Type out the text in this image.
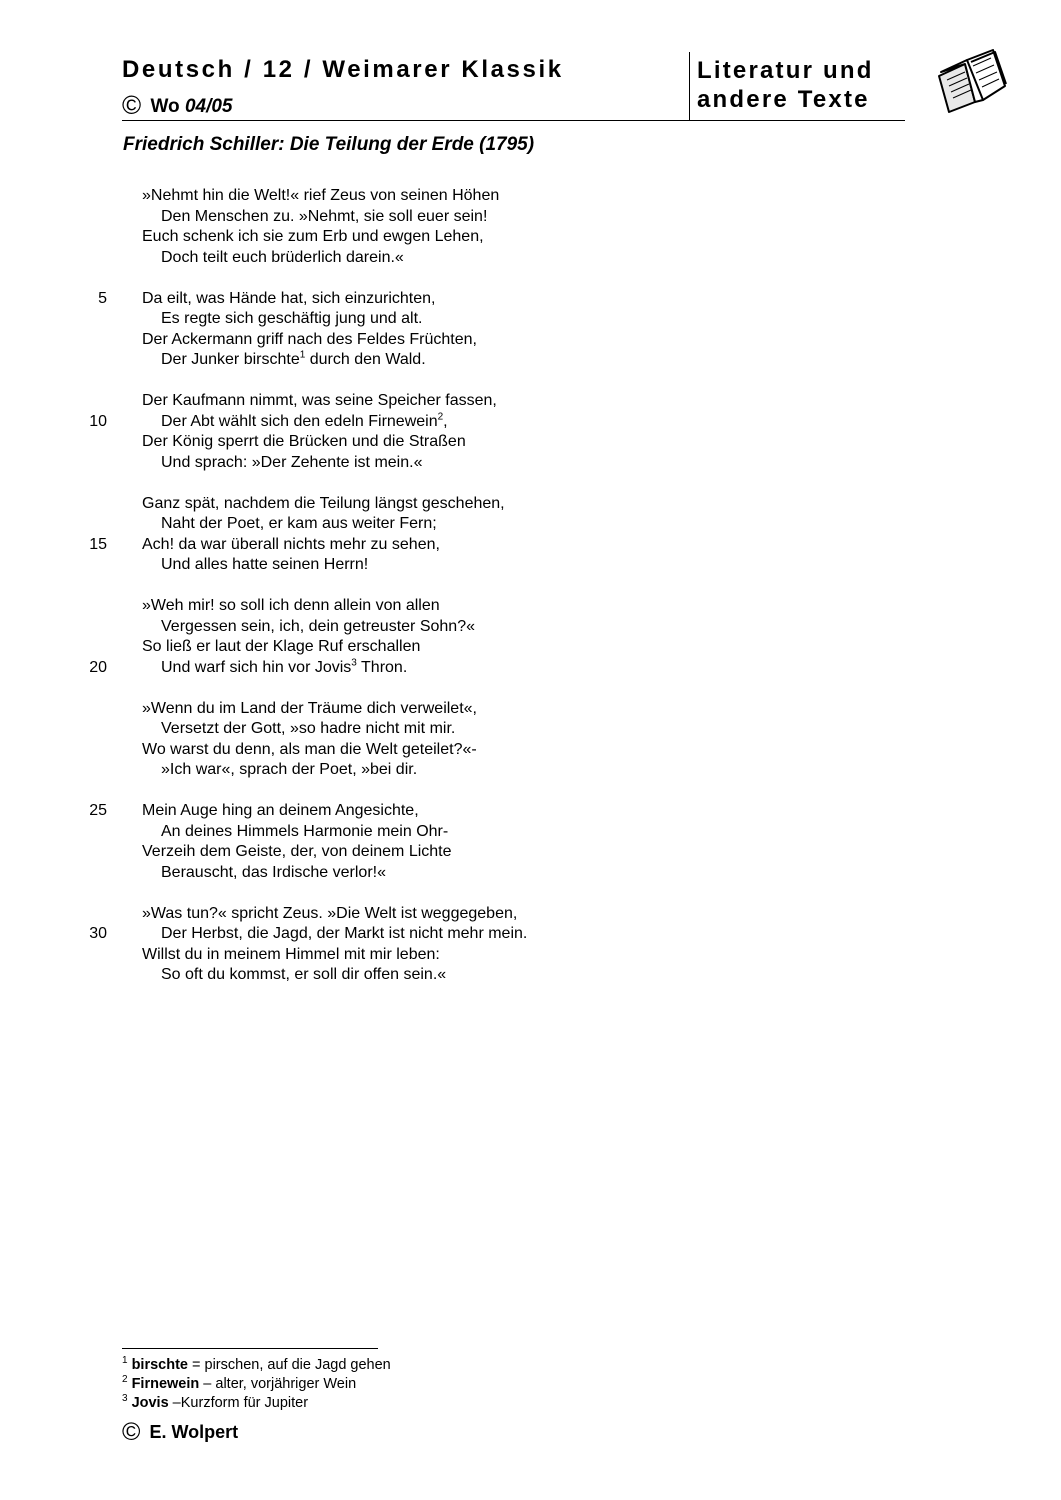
Deutsch / 12 / Weimarer Klassik
© Wo 04/05
Literatur und
andere Texte
Friedrich Schiller: Die Teilung der Erde (1795)
»Nehmt hin die Welt!« rief Zeus von seinen Höhen
Den Menschen zu. »Nehmt, sie soll euer sein!
Euch schenk ich sie zum Erb und ewgen Lehen,
Doch teilt euch brüderlich darein.«
5 Da eilt, was Hände hat, sich einzurichten,
Es regte sich geschäftig jung und alt.
Der Ackermann griff nach des Feldes Früchten,
Der Junker birschte$^1$ durch den Wald.
Der Kaufmann nimmt, was seine Speicher fassen,
10	Der Abt wählt sich den edeln Firnewein$^2$,
Der König sperrt die Brücken und die Straßen
Und sprach: »Der Zehente ist mein.«
Ganz spät, nachdem die Teilung längst geschehen,
Naht der Poet, er kam aus weiter Fern;
15 Ach! da war überall nichts mehr zu sehen,
Und alles hatte seinen Herrn!
»Weh mir! so soll ich denn allein von allen
Vergessen sein, ich, dein getreuster Sohn?«
So ließ er laut der Klage Ruf erschallen
20	Und warf sich hin vor Jovis$^3$ Thron.
»Wenn du im Land der Träume dich verweilet«,
Versetzt der Gott, »so hadre nicht mit mir.
Wo warst du denn, als man die Welt geteilet?«-
»Ich war«, sprach der Poet, »bei dir.
25 Mein Auge hing an deinem Angesichte,
An deines Himmels Harmonie mein Ohr-
Verzeih dem Geiste, der, von deinem Lichte
Berauscht, das Irdische verlor!«
»Was tun?« spricht Zeus. »Die Welt ist weggegeben,
30	Der Herbst, die Jagd, der Markt ist nicht mehr mein.
Willst du in meinem Himmel mit mir leben:
So oft du kommst, er soll dir offen sein.«
$^1$ birschte = pirschen, auf die Jagd gehen
$^2$ Firnewein – alter, vorjähriger Wein
$^3$ Jovis –Kurzform für Jupiter
© E. Wolpert
